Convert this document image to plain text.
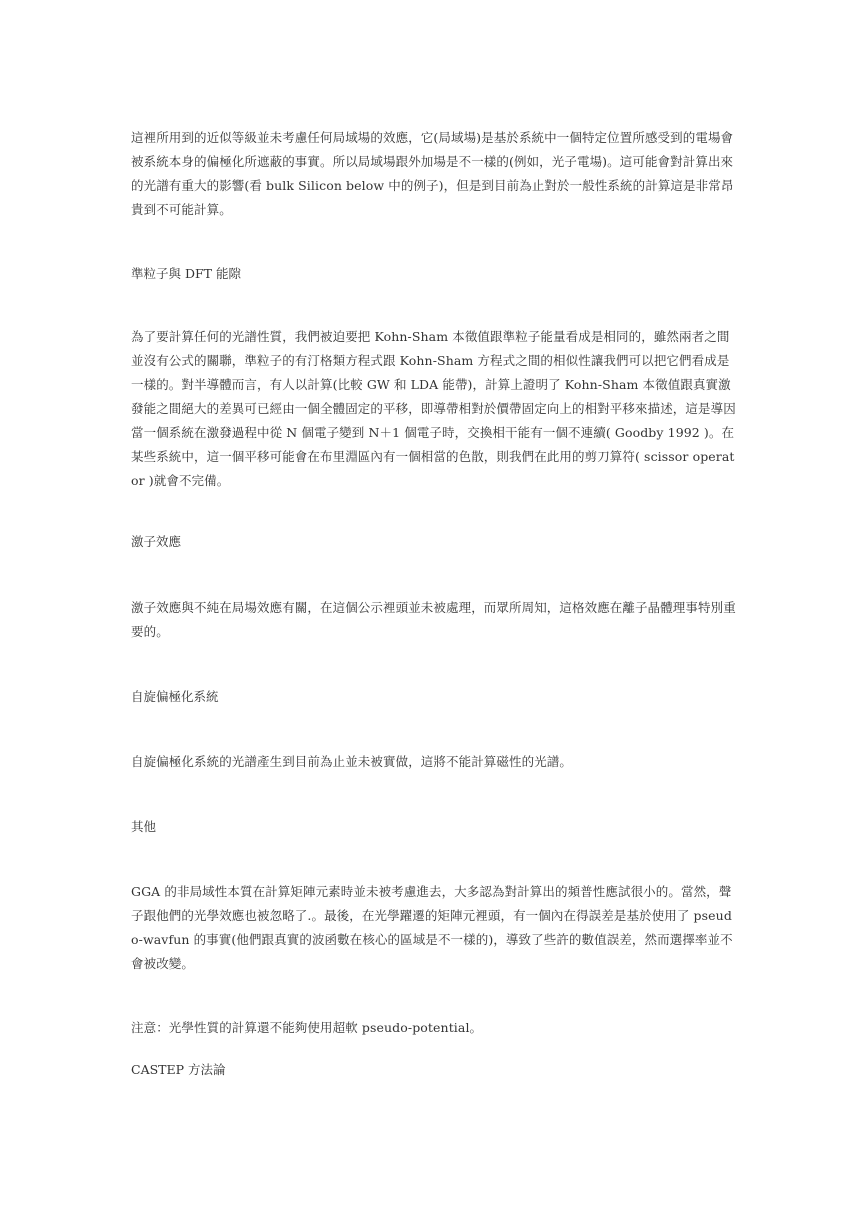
這裡所用到的近似等級並未考慮任何局域場的效應，它(局域場)是基於系統中一個特定位置所感受到的電場會被系統本身的偏極化所遮蔽的事實。所以局域場跟外加場是不一樣的(例如，光子電場)。這可能會對計算出來的光譜有重大的影響(看 bulk Silicon below 中的例子)，但是到目前為止對於一般性系統的計算這是非常昂貴到不可能計算。

準粒子與 DFT 能隙

為了要計算任何的光譜性質，我們被迫要把 Kohn-Sham 本徵值跟準粒子能量看成是相同的，雖然兩者之間並沒有公式的關聯，準粒子的有汀格類方程式跟 Kohn-Sham 方程式之間的相似性讓我們可以把它們看成是一樣的。對半導體而言，有人以計算(比較 GW 和 LDA 能帶)，計算上證明了 Kohn-Sham 本徵值跟真實激發能之間絕大的差異可已經由一個全體固定的平移，即導帶相對於價帶固定向上的相對平移來描述，這是導因當一個系統在激發過程中從 N 個電子變到 N＋1 個電子時，交換相干能有一個不連續( Goodby 1992 )。在某些系統中，這一個平移可能會在布里淵區內有一個相當的色散，則我們在此用的剪刀算符( scissor operator )就會不完備。

激子效應

激子效應與不純在局場效應有關，在這個公示裡頭並未被處理，而眾所周知，這格效應在離子晶體理事特別重要的。

自旋偏極化系統

自旋偏極化系統的光譜產生到目前為止並未被實做，這將不能計算磁性的光譜。

其他

GGA 的非局域性本質在計算矩陣元素時並未被考慮進去，大多認為對計算出的頻普性應試很小的。當然，聲子跟他們的光學效應也被忽略了.。最後，在光學躍遷的矩陣元裡頭，有一個內在得誤差是基於使用了 pseudo-wavfun 的事實(他們跟真實的波函數在核心的區域是不一樣的)，導致了些許的數值誤差，然而選擇率並不會被改變。

注意：光學性質的計算還不能夠使用超軟 pseudo-potential。

CASTEP 方法論
